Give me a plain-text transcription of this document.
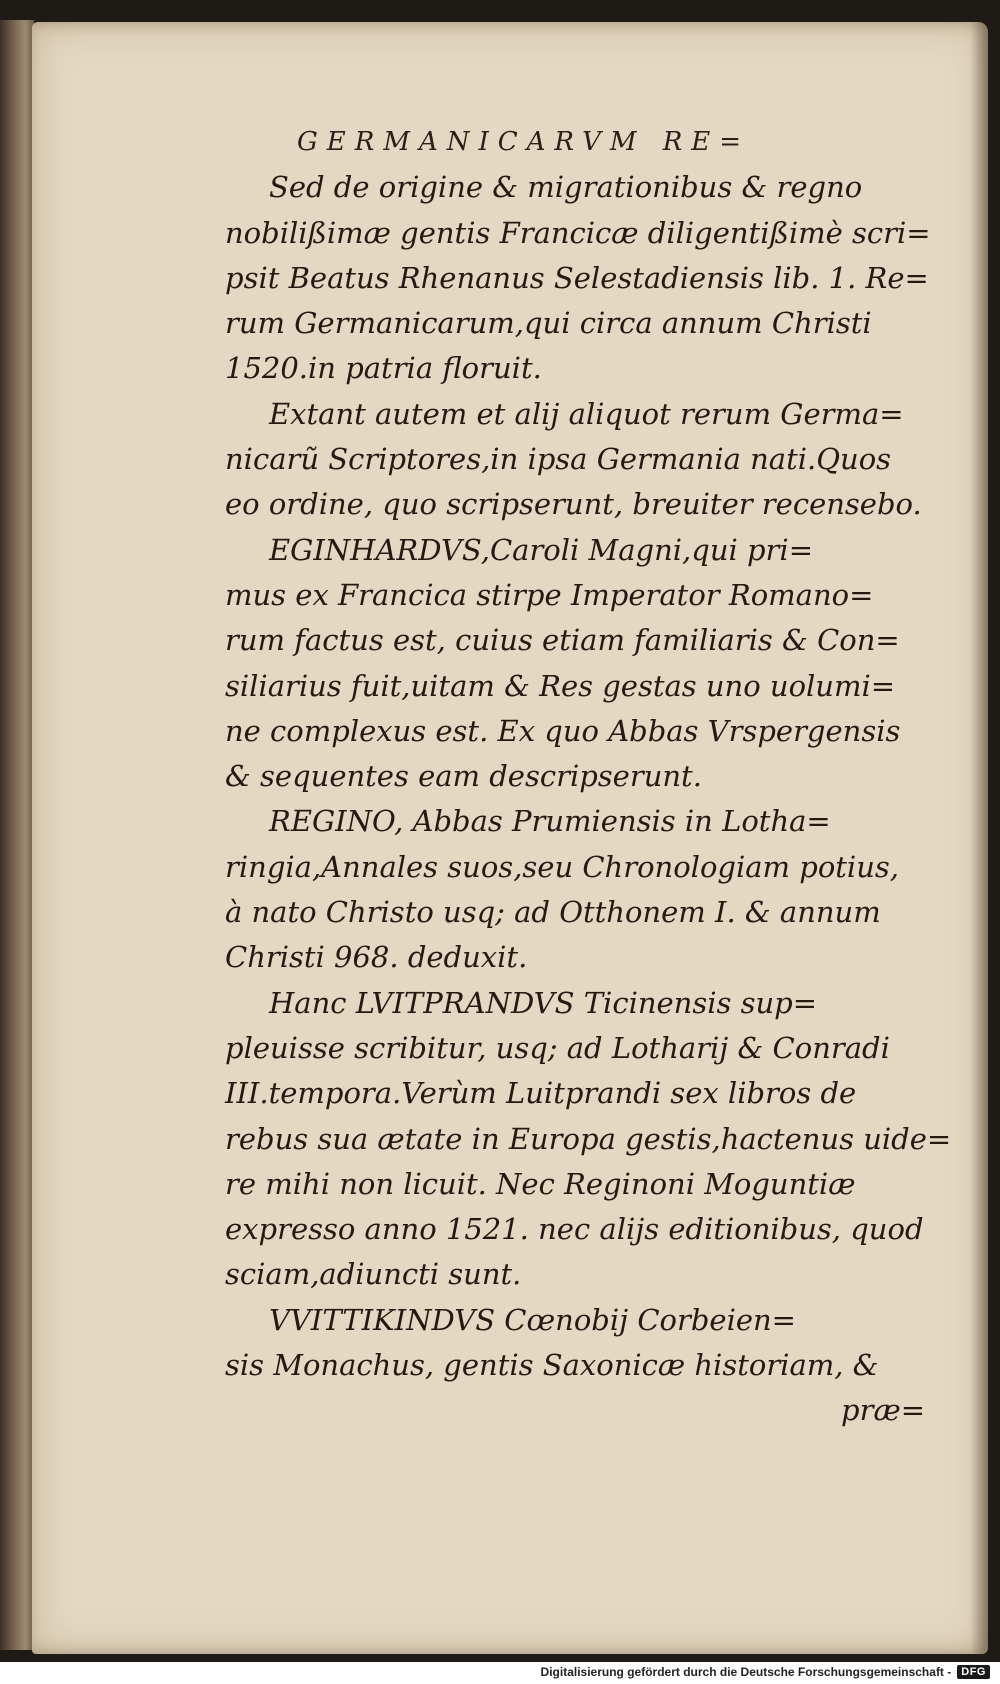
GERMANICARVM RE=
Sed de origine & migrationibus & regno
nobilißimæ gentis Francicæ diligentißimè scri=
psit Beatus Rhenanus Selestadiensis lib. 1. Re=
rum Germanicarum,qui circa annum Christi
1520.in patria floruit.
Extant autem et alij aliquot rerum Germa=
nicarũ Scriptores,in ipsa Germania nati.Quos
eo ordine, quo scripserunt, breuiter recensebo.
EGINHARDVS,Caroli Magni,qui pri=
mus ex Francica stirpe Imperator Romano=
rum factus est, cuius etiam familiaris & Con=
siliarius fuit,uitam & Res gestas uno uolumi=
ne complexus est. Ex quo Abbas Vrspergensis
& sequentes eam descripserunt.
REGINO, Abbas Prumiensis in Lotha=
ringia,Annales suos,seu Chronologiam potius,
à nato Christo usq; ad Otthonem I. & annum
Christi 968. deduxit.
Hanc LVITPRANDVS Ticinensis sup=
pleuisse scribitur, usq; ad Lotharij & Conradi
III.tempora.Verùm Luitprandi sex libros de
rebus sua ætate in Europa gestis,hactenus uide=
re mihi non licuit. Nec Reginoni Moguntiæ
expresso anno 1521. nec alijs editionibus, quod
sciam,adiuncti sunt.
VVITTIKINDVS Cœnobij Corbeien=
sis Monachus, gentis Saxonicæ historiam, &
præ=
Digitalisierung gefördert durch die Deutsche Forschungsgemeinschaft - DFG
